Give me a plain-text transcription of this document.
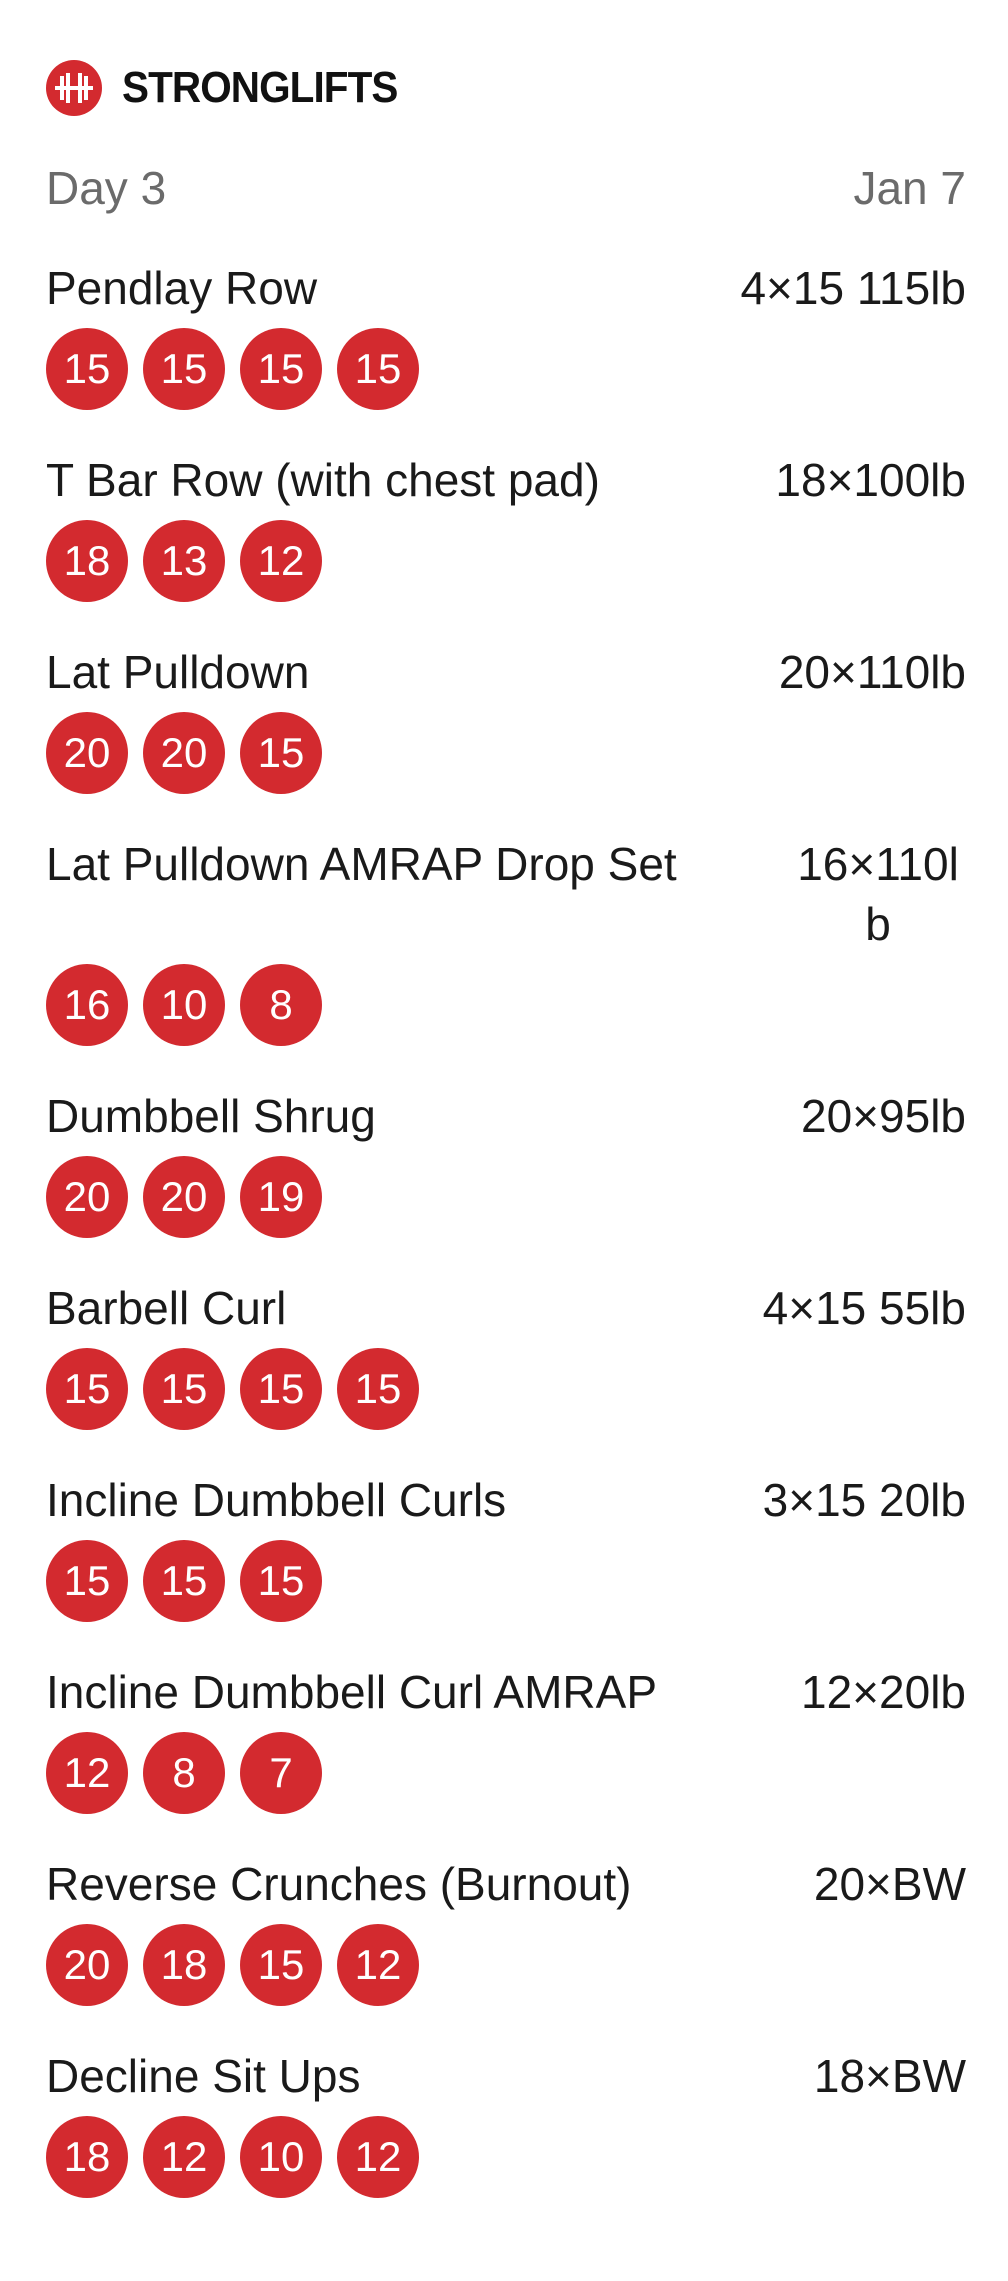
STRONGLIFTS
Day 3	Jan 7
Pendlay Row	4×15 115lb
15	15	15	15
T Bar Row (with chest pad)	18×100lb
18	13	12
Lat Pulldown	20×110lb
20	20	15
Lat Pulldown AMRAP Drop Set	16×110lb
16	10	8
Dumbbell Shrug	20×95lb
20	20	19
Barbell Curl	4×15 55lb
15	15	15	15
Incline Dumbbell Curls	3×15 20lb
15	15	15
Incline Dumbbell Curl AMRAP	12×20lb
12	8	7
Reverse Crunches (Burnout)	20×BW
20	18	15	12
Decline Sit Ups	18×BW
18	12	10	12
